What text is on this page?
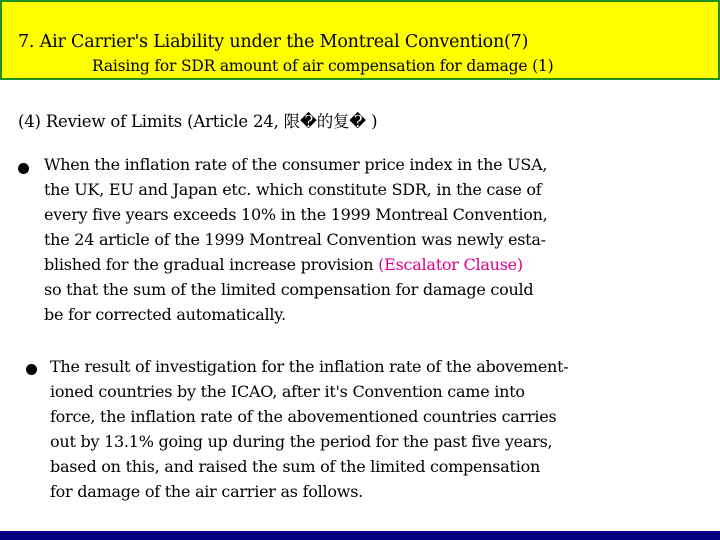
7. Air Carrier's Liability under the Montreal Convention(7)
Raising for SDR amount of air compensation for damage (1)
(4) Review of Limits (Article 24, 限�的复� )
When the inflation rate of the consumer price index in the USA,
the UK, EU and Japan etc. which constitute SDR, in the case of
every five years exceeds 10% in the 1999 Montreal Convention,
the 24 article of the 1999 Montreal Convention was newly esta-
blished for the gradual increase provision (Escalator Clause)
so that the sum of the limited compensation for damage could
be for corrected automatically.
The result of investigation for the inflation rate of the abovement-
ioned countries by the ICAO, after it's Convention came into
force, the inflation rate of the abovementioned countries carries
out by 13.1% going up during the period for the past five years,
based on this, and raised the sum of the limited compensation
for damage of the air carrier as follows.
